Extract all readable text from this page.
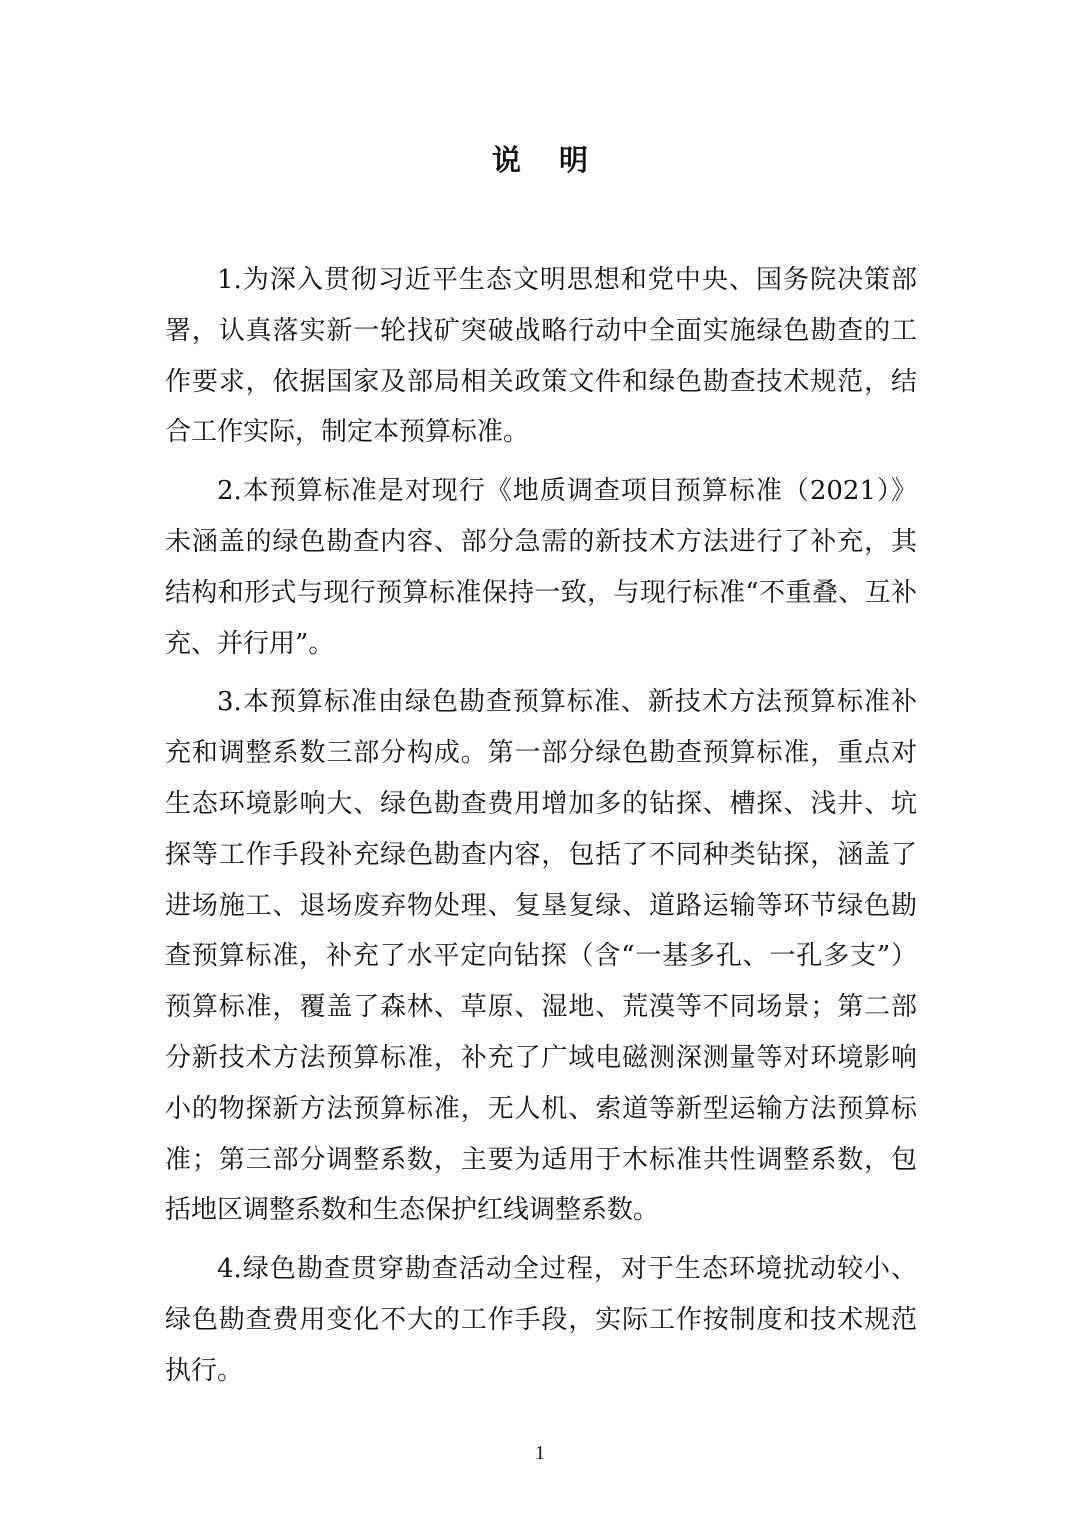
说明

1.为深入贯彻习近平生态文明思想和党中央、国务院决策部署，认真落实新一轮找矿突破战略行动中全面实施绿色勘查的工作要求，依据国家及部局相关政策文件和绿色勘查技术规范，结合工作实际，制定本预算标准。

2.本预算标准是对现行《地质调查项目预算标准（2021）》未涵盖的绿色勘查内容、部分急需的新技术方法进行了补充，其结构和形式与现行预算标准保持一致，与现行标准“不重叠、互补充、并行用”。

3.本预算标准由绿色勘查预算标准、新技术方法预算标准补充和调整系数三部分构成。第一部分绿色勘查预算标准，重点对生态环境影响大、绿色勘查费用增加多的钻探、槽探、浅井、坑探等工作手段补充绿色勘查内容，包括了不同种类钻探，涵盖了进场施工、退场废弃物处理、复垦复绿、道路运输等环节绿色勘查预算标准，补充了水平定向钻探（含“一基多孔、一孔多支”）预算标准，覆盖了森林、草原、湿地、荒漠等不同场景；第二部分新技术方法预算标准，补充了广域电磁测深测量等对环境影响小的物探新方法预算标准，无人机、索道等新型运输方法预算标准；第三部分调整系数，主要为适用于木标准共性调整系数，包括地区调整系数和生态保护红线调整系数。

4.绿色勘查贯穿勘查活动全过程，对于生态环境扰动较小、绿色勘查费用变化不大的工作手段，实际工作按制度和技术规范执行。

1
